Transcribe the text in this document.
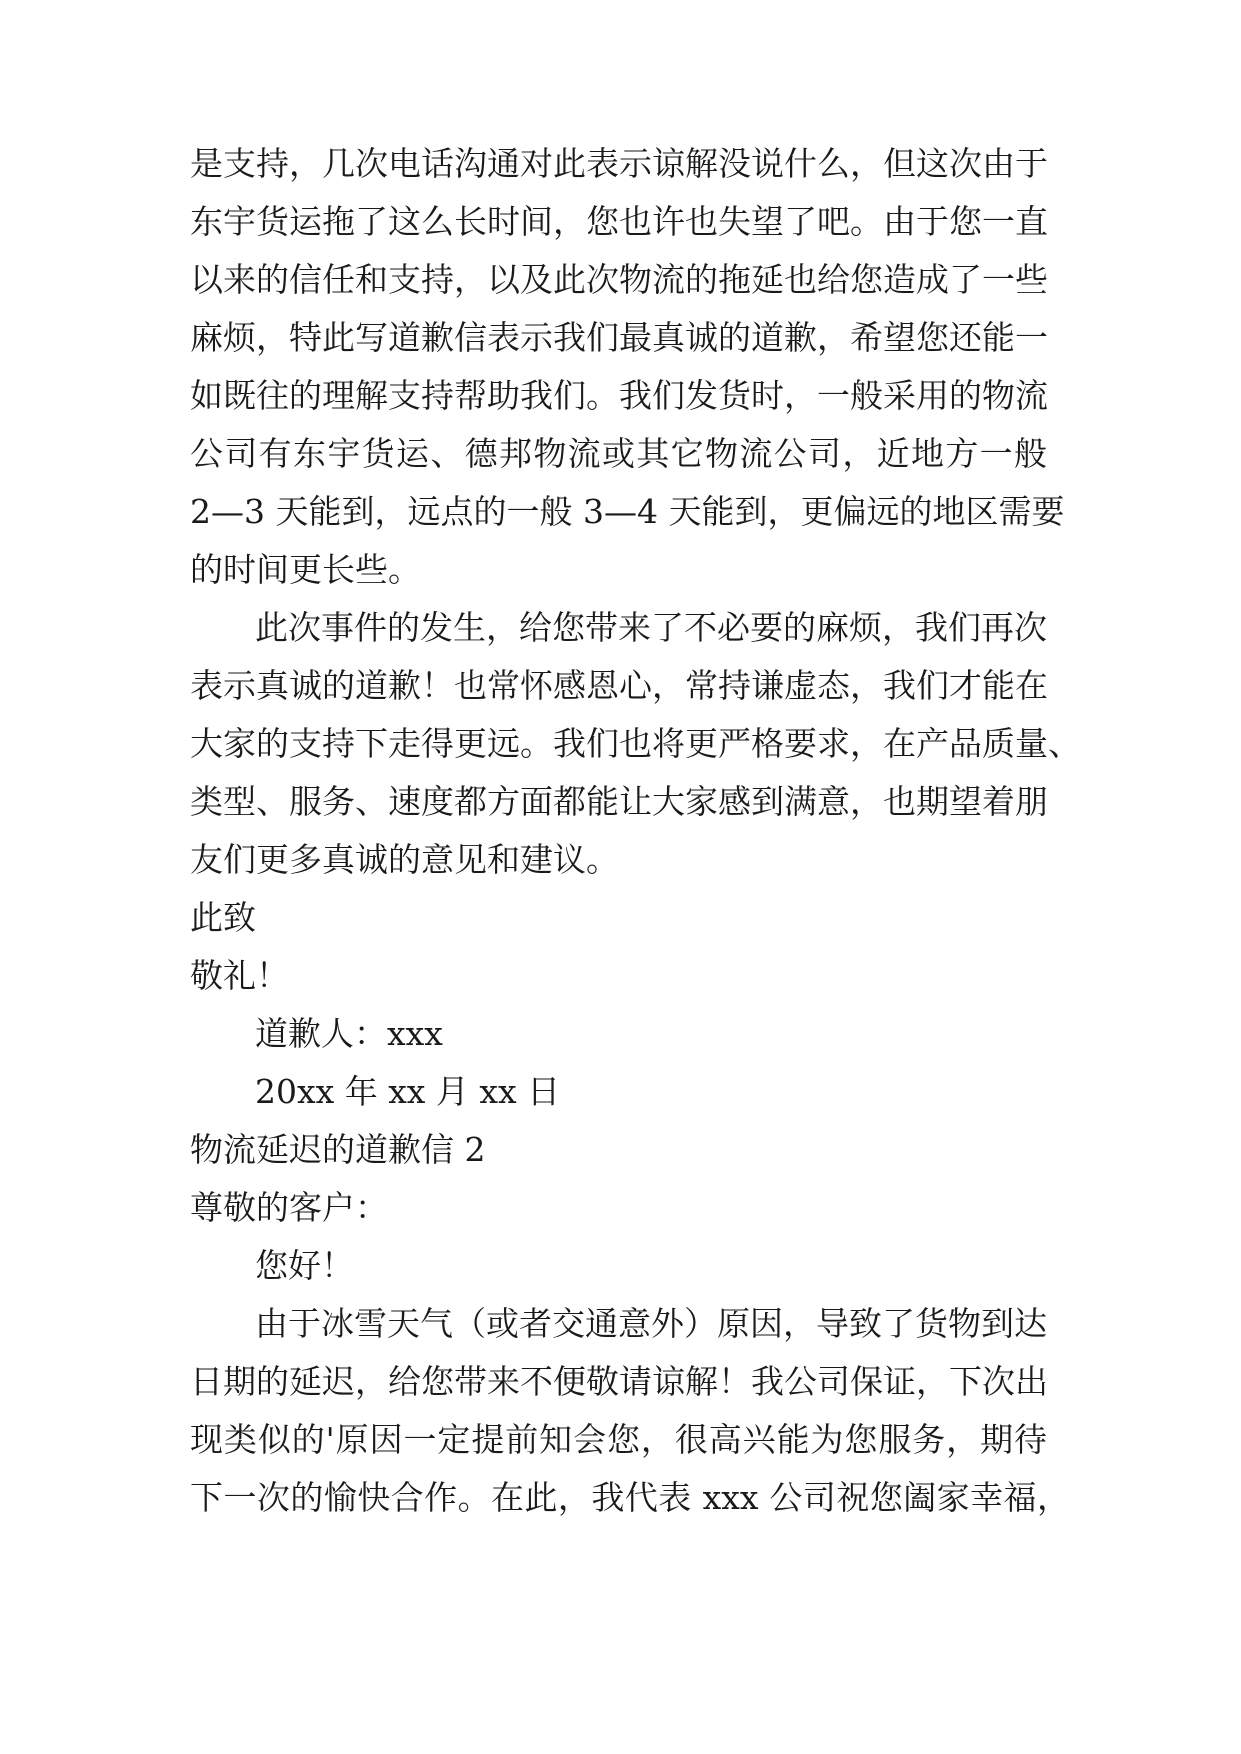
是支持，几次电话沟通对此表示谅解没说什么，但这次由于
东宇货运拖了这么长时间，您也许也失望了吧。由于您一直
以来的信任和支持，以及此次物流的拖延也给您造成了一些
麻烦，特此写道歉信表示我们最真诚的道歉，希望您还能一
如既往的理解支持帮助我们。我们发货时，一般采用的物流
公司有东宇货运、德邦物流或其它物流公司，近地方一般
2—3 天能到，远点的一般 3—4 天能到，更偏远的地区需要
的时间更长些。
此次事件的发生，给您带来了不必要的麻烦，我们再次
表示真诚的道歉！也常怀感恩心，常持谦虚态，我们才能在
大家的支持下走得更远。我们也将更严格要求，在产品质量、
类型、服务、速度都方面都能让大家感到满意，也期望着朋
友们更多真诚的意见和建议。
此致
敬礼！
道歉人：xxx
20xx 年 xx 月 xx 日
物流延迟的道歉信 2
尊敬的客户：
您好！
由于冰雪天气（或者交通意外）原因，导致了货物到达
日期的延迟，给您带来不便敬请谅解！我公司保证，下次出
现类似的'原因一定提前知会您，很高兴能为您服务，期待
下一次的愉快合作。在此，我代表 xxx 公司祝您阖家幸福，
